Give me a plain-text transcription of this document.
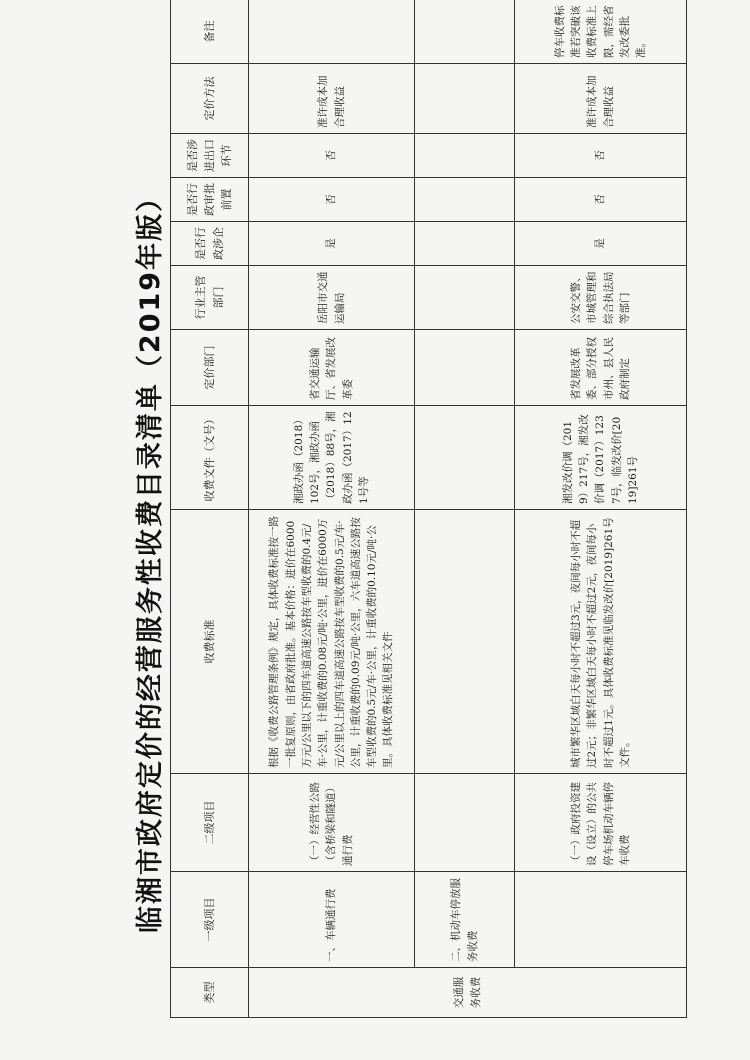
临湘市政府定价的经营服务性收费目录清单（2019年版）
类型	一级项目	二级项目	收费标准	收费文件（文号）	定价部门	行业主管部门	是否行政涉企	是否行政审批前置	是否涉进出口环节	定价方法	备注
交通服务收费	一、车辆通行费	（一）经营性公路（含桥梁和隧道）通行费	根据《收费公路管理条例》规定，具体收费标准按一路一批复原则，由省政府批准。基本价格：进价在6000万元/公里以下的四车道高速公路按车型收费的0.4元/车·公里，计重收费的0.08元/吨·公里，进价在6000万元/公里以上的四车道高速公路按车型收费的0.5元/车·公里，计重收费的0.09元/吨·公里，六车道高速公路按车型收费的0.5元/车·公里，计重收费的0.10元/吨·公里。具体收费标准见相关文件	湘政办函（2018）102号，湘政办函（2018）88号，湘政办函（2017）121号等	省交通运输厅、省发展改革委	岳阳市交通运输局	是	否	否	准许成本加合理收益	
	二、机动车停放服务收费										
		（一）政府投资建设（设立）的公共停车场机动车辆停车收费	城市繁华区域白天每小时不超过3元，夜间每小时不超过2元；非繁华区域白天每小时不超过2元，夜间每小时不超过1元。具体收费标准见临发改价[2019]261号文件。	湘发改价调（2019）217号，湘发改价调（2017）1237号，临发改价[2019]261号	省发展改革委、部分授权市州、县人民政府制定	公安交警、市城管理和综合执法局等部门	是	否	否	准许成本加合理收益	停车收费标准若突破该收费标准上限，需经省发改委批准。
